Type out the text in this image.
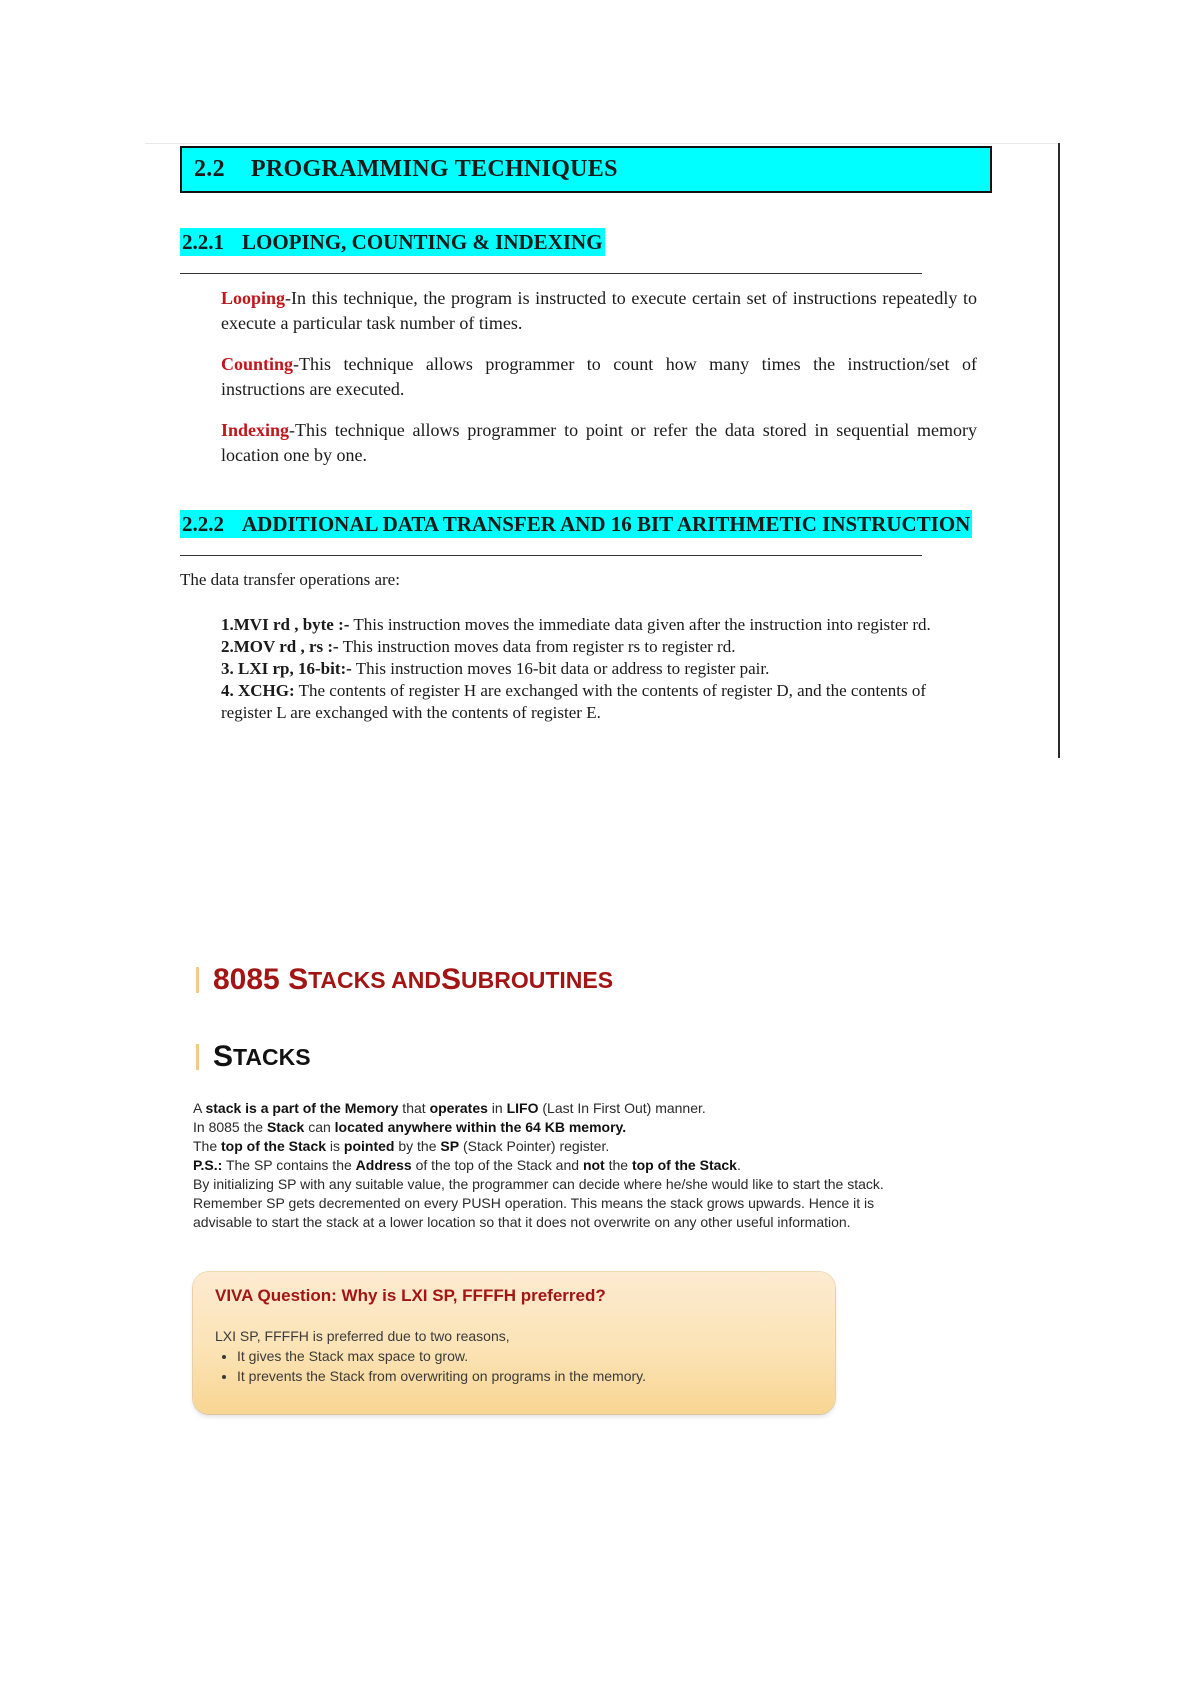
2.2 PROGRAMMING TECHNIQUES
2.2.1 LOOPING, COUNTING & INDEXING

Looping-In this technique, the program is instructed to execute certain set of instructions repeatedly to execute a particular task number of times.

Counting-This technique allows programmer to count how many times the instruction/set of instructions are executed.

Indexing-This technique allows programmer to point or refer the data stored in sequential memory location one by one.

2.2.2 ADDITIONAL DATA TRANSFER AND 16 BIT ARITHMETIC INSTRUCTION

The data transfer operations are:

1.MVI rd , byte :- This instruction moves the immediate data given after the instruction into register rd.
2.MOV rd , rs :- This instruction moves data from register rs to register rd.
3. LXI rp, 16-bit:- This instruction moves 16-bit data or address to register pair.
4. XCHG: The contents of register H are exchanged with the contents of register D, and the contents of register L are exchanged with the contents of register E.
8085 S TACKS AND S UBROUTINES
S TACKS

A stack is a part of the Memory that operates in LIFO (Last In First Out) manner.

In 8085 the Stack can located anywhere within the 64 KB memory.

The top of the Stack is pointed by the SP (Stack Pointer) register.

P.S.: The SP contains the Address of the top of the Stack and not the top of the Stack.

By initializing SP with any suitable value, the programmer can decide where he/she would like to start the stack.

Remember SP gets decremented on every PUSH operation. This means the stack grows upwards. Hence it is

advisable to start the stack at a lower location so that it does not overwrite on any other useful information.

VIVA Question: Why is LXI SP, FFFFH preferred?

LXI SP, FFFFH is preferred due to two reasons,

• It gives the Stack max space to grow.
• It prevents the Stack from overwriting on programs in the memory.
